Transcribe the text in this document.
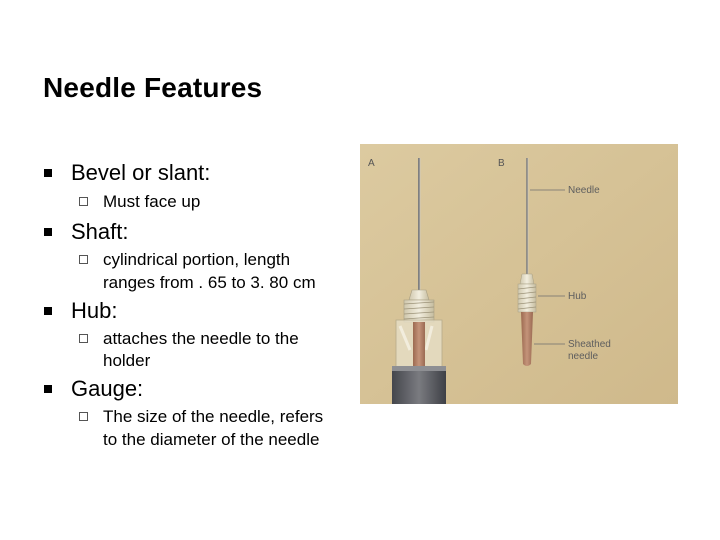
Needle Features
Bevel or slant:
Must face up
Shaft:
cylindrical portion, length
ranges from . 65 to 3. 80 cm
Hub:
attaches the needle to the
holder
Gauge:
The size of the needle, refers
to the diameter of the needle
A	B
Needle
Hub
Sheathed
needle
